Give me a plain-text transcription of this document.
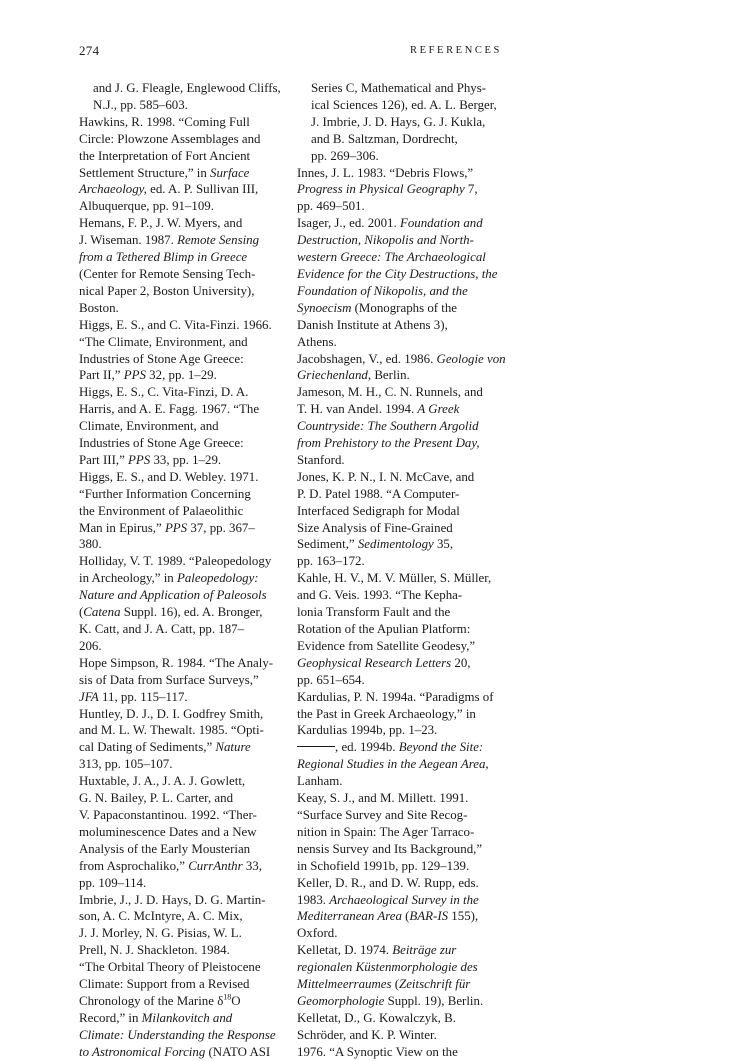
274	REFERENCES

and J. G. Fleagle, Englewood Cliffs,
N.J., pp. 585–603.

Hawkins, R. 1998. “Coming Full
Circle: Plowzone Assemblages and
the Interpretation of Fort Ancient
Settlement Structure,” in Surface
Archaeology, ed. A. P. Sullivan III,
Albuquerque, pp. 91–109.

Hemans, F. P., J. W. Myers, and
J. Wiseman. 1987. Remote Sensing
from a Tethered Blimp in Greece
(Center for Remote Sensing Tech-
nical Paper 2, Boston University),
Boston.

Higgs, E. S., and C. Vita-Finzi. 1966.
“The Climate, Environment, and
Industries of Stone Age Greece:
Part II,” PPS 32, pp. 1–29.

Higgs, E. S., C. Vita-Finzi, D. A.
Harris, and A. E. Fagg. 1967. “The
Climate, Environment, and
Industries of Stone Age Greece:
Part III,” PPS 33, pp. 1–29.

Higgs, E. S., and D. Webley. 1971.
“Further Information Concerning
the Environment of Palaeolithic
Man in Epirus,” PPS 37, pp. 367–
380.

Holliday, V. T. 1989. “Paleopedology
in Archeology,” in Paleopedology:
Nature and Application of Paleosols
(Catena Suppl. 16), ed. A. Bronger,
K. Catt, and J. A. Catt, pp. 187–
206.

Hope Simpson, R. 1984. “The Analy-
sis of Data from Surface Surveys,”
JFA 11, pp. 115–117.

Huntley, D. J., D. I. Godfrey Smith,
and M. L. W. Thewalt. 1985. “Opti-
cal Dating of Sediments,” Nature
313, pp. 105–107.

Huxtable, J. A., J. A. J. Gowlett,
G. N. Bailey, P. L. Carter, and
V. Papaconstantinou. 1992. “Ther-
moluminescence Dates and a New
Analysis of the Early Mousterian
from Asprochaliko,” CurrAnthr 33,
pp. 109–114.

Imbrie, J., J. D. Hays, D. G. Martin-
son, A. C. McIntyre, A. C. Mix,
J. J. Morley, N. G. Pisias, W. L.
Prell, N. J. Shackleton. 1984.
“The Orbital Theory of Pleistocene
Climate: Support from a Revised
Chronology of the Marine $\delta^{18}O$
Record,” in Milankovitch and
Climate: Understanding the Response
to Astronomical Forcing (NATO ASI

Series C, Mathematical and Phys-
ical Sciences 126), ed. A. L. Berger,
J. Imbrie, J. D. Hays, G. J. Kukla,
and B. Saltzman, Dordrecht,
pp. 269–306.

Innes, J. L. 1983. “Debris Flows,”
Progress in Physical Geography 7,
pp. 469–501.

Isager, J., ed. 2001. Foundation and
Destruction, Nikopolis and North-
western Greece: The Archaeological
Evidence for the City Destructions, the
Foundation of Nikopolis, and the
Synoecism (Monographs of the
Danish Institute at Athens 3),
Athens.

Jacobshagen, V., ed. 1986. Geologie von
Griechenland, Berlin.

Jameson, M. H., C. N. Runnels, and
T. H. van Andel. 1994. A Greek
Countryside: The Southern Argolid
from Prehistory to the Present Day,
Stanford.

Jones, K. P. N., I. N. McCave, and
P. D. Patel 1988. “A Computer-
Interfaced Sedigraph for Modal
Size Analysis of Fine-Grained
Sediment,” Sedimentology 35,
pp. 163–172.

Kahle, H. V., M. V. Müller, S. Müller,
and G. Veis. 1993. “The Kepha-
lonia Transform Fault and the
Rotation of the Apulian Platform:
Evidence from Satellite Geodesy,”
Geophysical Research Letters 20,
pp. 651–654.

Kardulias, P. N. 1994a. “Paradigms of
the Past in Greek Archaeology,” in
Kardulias 1994b, pp. 1–23.

, ed. 1994b. Beyond the Site:
Regional Studies in the Aegean Area,
Lanham.

Keay, S. J., and M. Millett. 1991.
“Surface Survey and Site Recog-
nition in Spain: The Ager Tarraco-
nensis Survey and Its Background,”
in Schofield 1991b, pp. 129–139.

Keller, D. R., and D. W. Rupp, eds.
1983. Archaeological Survey in the
Mediterranean Area (BAR-IS 155),
Oxford.

Kelletat, D. 1974. Beiträge zur
regionalen Küstenmorphologie des
Mittelmeerraumes (Zeitschrift für
Geomorphologie Suppl. 19), Berlin.

Kelletat, D., G. Kowalczyk, B.
Schröder, and K. P. Winter.
1976. “A Synoptic View on the
